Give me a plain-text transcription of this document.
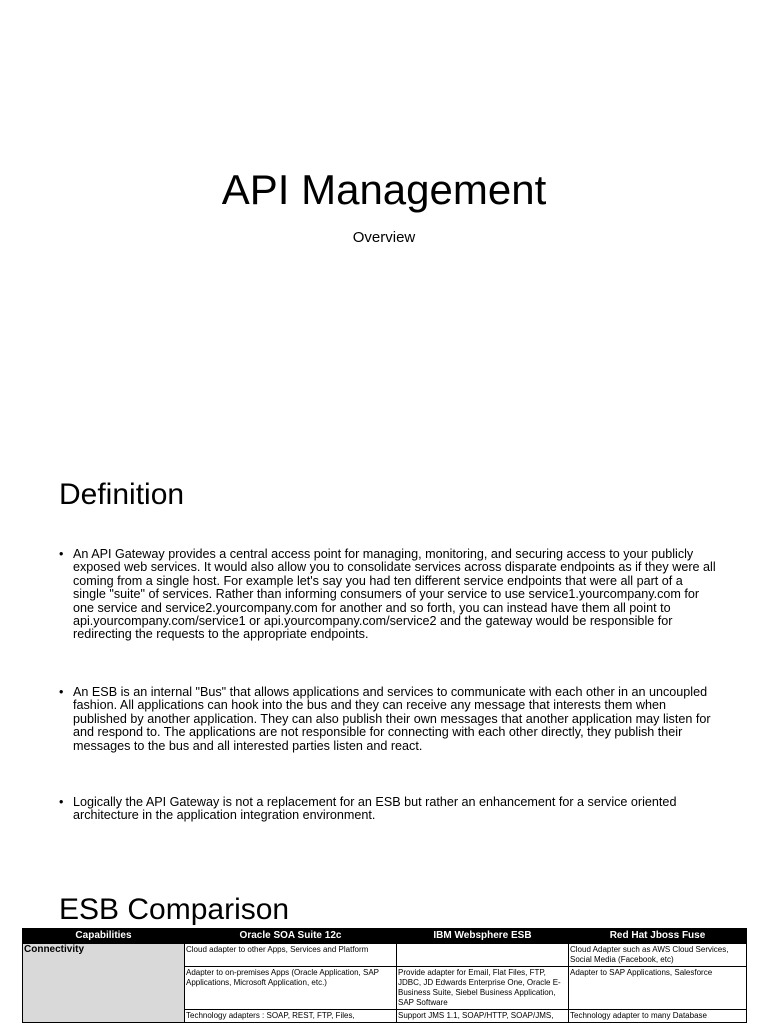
API Management

Overview

Definition
• An API Gateway provides a central access point for managing, monitoring, and securing access to your publicly exposed web services. It would also allow you to consolidate services across disparate endpoints as if they were all coming from a single host. For example let's say you had ten different service endpoints that were all part of a single "suite" of services. Rather than informing consumers of your service to use service1.yourcompany.com for one service and service2.yourcompany.com for another and so forth, you can instead have them all point to api.yourcompany.com/service1 or api.yourcompany.com/service2 and the gateway would be responsible for redirecting the requests to the appropriate endpoints.
• An ESB is an internal "Bus" that allows applications and services to communicate with each other in an uncoupled fashion. All applications can hook into the bus and they can receive any message that interests them when published by another application. They can also publish their own messages that another application may listen for and respond to. The applications are not responsible for connecting with each other directly, they publish their messages to the bus and all interested parties listen and react.
• Logically the API Gateway is not a replacement for an ESB but rather an enhancement for a service oriented architecture in the application integration environment.
ESB Comparison
Capabilities	Oracle SOA Suite 12c	IBM Websphere ESB	Red Hat Jboss Fuse
Connectivity	Cloud adapter to other Apps, Services and Platform		Cloud Adapter such as AWS Cloud Services, Social Media (Facebook, etc)
	Adapter to on-premises Apps (Oracle Application, SAP Applications, Microsoft Application, etc.)	Provide adapter for Email, Flat Files, FTP, JDBC, JD Edwards Enterprise One, Oracle E-Business Suite, Siebel Business Application, SAP Software	Adapter to SAP Applications, Salesforce
	Technology adapters : SOAP, REST, FTP, Files,	Support JMS 1.1, SOAP/HTTP, SOAP/JMS,	Technology adapter to many Database
